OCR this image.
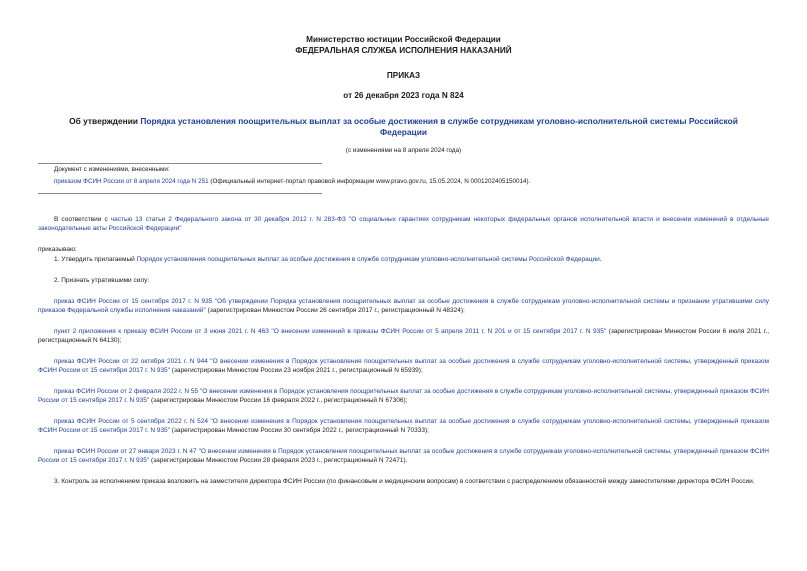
Министерство юстиции Российской Федерации
ФЕДЕРАЛЬНАЯ СЛУЖБА ИСПОЛНЕНИЯ НАКАЗАНИЙ
ПРИКАЗ
от 26 декабря 2023 года N 824
Об утверждении Порядка установления поощрительных выплат за особые достижения в службе сотрудникам уголовно-исполнительной системы Российской Федерации
(с изменениями на 8 апреля 2024 года)
Документ с изменениями, внесенными:
приказом ФСИН России от 8 апреля 2024 года N 251 (Официальный интернет-портал правовой информации www.pravo.gov.ru, 15.05.2024, N 0001202405150014).

В соответствии с частью 13 статьи 2 Федерального закона от 30 декабря 2012 г. N 283-ФЗ "О социальных гарантиях сотрудникам некоторых федеральных органов исполнительной власти и внесении изменений в отдельные законодательные акты Российской Федерации"

приказываю:

1. Утвердить прилагаемый Порядок установления поощрительных выплат за особые достижения в службе сотрудникам уголовно-исполнительной системы Российской Федерации.

2. Признать утратившими силу:

приказ ФСИН России от 15 сентября 2017 г. N 935 "Об утверждении Порядка установления поощрительных выплат за особые достижения в службе сотрудникам уголовно-исполнительной системы и признании утратившими силу приказов Федеральной службы исполнения наказаний" (зарегистрирован Минюстом России 26 сентября 2017 г., регистрационный N 48324);

пункт 2 приложения к приказу ФСИН России от 3 июня 2021 г. N 463 "О внесении изменений в приказы ФСИН России от 5 апреля 2011 г. N 201 и от 15 сентября 2017 г. N 935" (зарегистрирован Минюстом России 6 июля 2021 г., регистрационный N 64130);

приказ ФСИН России от 22 октября 2021 г. N 944 "О внесении изменения в Порядок установления поощрительных выплат за особые достижения в службе сотрудникам уголовно-исполнительной системы, утвержденный приказом ФСИН России от 15 сентября 2017 г. N 935" (зарегистрирован Минюстом России 23 ноября 2021 г., регистрационный N 65939);

приказ ФСИН России от 2 февраля 2022 г. N 55 "О внесении изменения в Порядок установления поощрительных выплат за особые достижения в службе сотрудникам уголовно-исполнительной системы, утвержденный приказом ФСИН России от 15 сентября 2017 г. N 935" (зарегистрирован Минюстом России 16 февраля 2022 г., регистрационный N 67306);

приказ ФСИН России от 5 сентября 2022 г. N 524 "О внесении изменения в Порядок установления поощрительных выплат за особые достижения в службе сотрудникам уголовно-исполнительной системы, утвержденный приказом ФСИН России от 15 сентября 2017 г. N 935" (зарегистрирован Минюстом России 30 сентября 2022 г., регистрационный N 70333);

приказ ФСИН России от 27 января 2023 г. N 47 "О внесении изменения в Порядок установления поощрительных выплат за особые достижения в службе сотрудникам уголовно-исполнительной системы, утвержденный приказом ФСИН России от 15 сентября 2017 г. N 935" (зарегистрирован Минюстом России 28 февраля 2023 г., регистрационный N 72471).

3. Контроль за исполнением приказа возложить на заместителя директора ФСИН России (по финансовым и медицинским вопросам) в соответствии с распределением обязанностей между заместителями директора ФСИН России.
